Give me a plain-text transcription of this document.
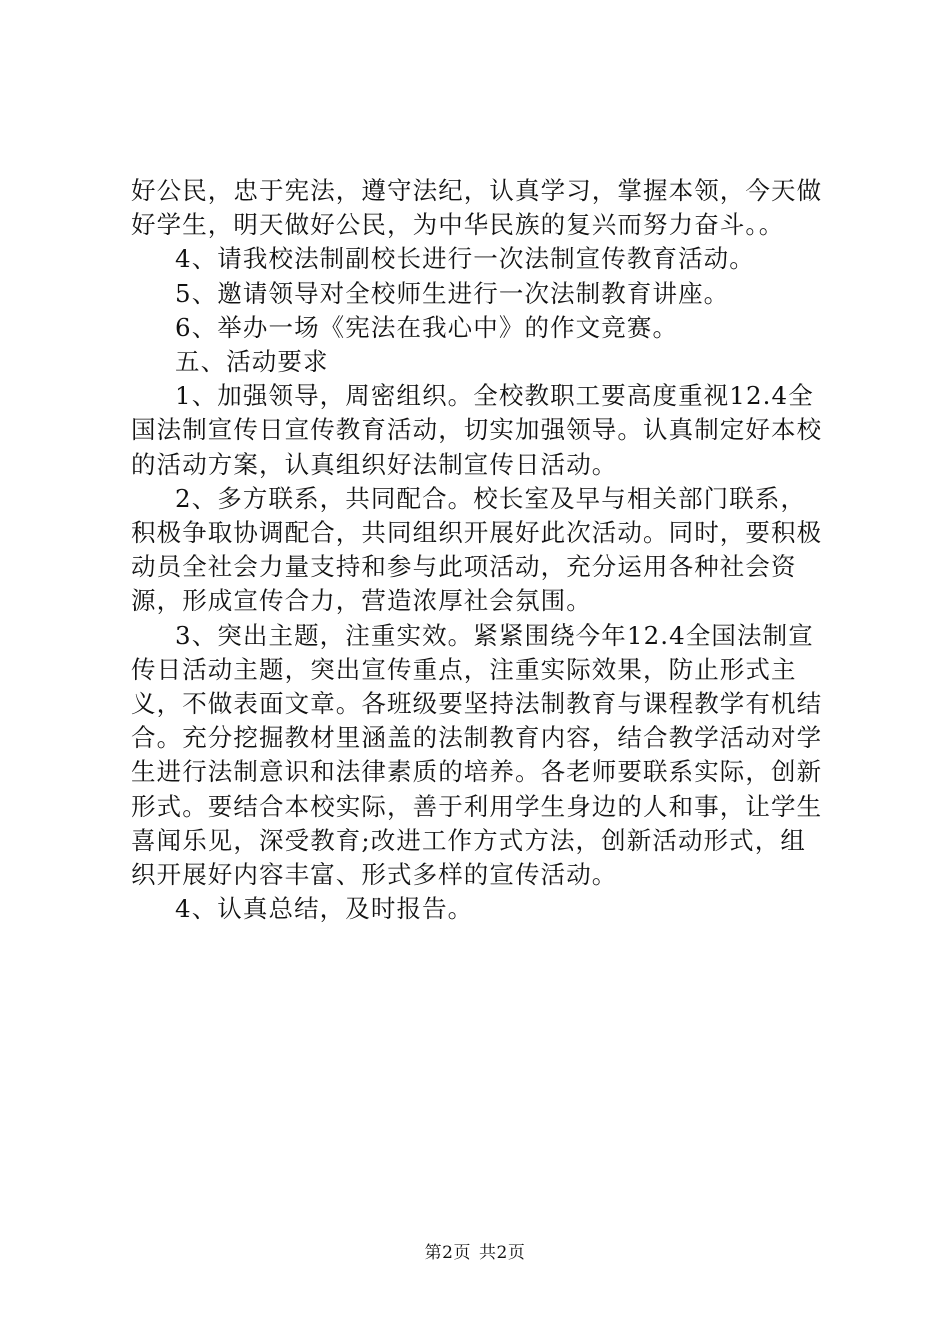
好公民，忠于宪法，遵守法纪，认真学习，掌握本领，今天做好学生，明天做好公民，为中华民族的复兴而努力奋斗。。

4、请我校法制副校长进行一次法制宣传教育活动。

5、邀请领导对全校师生进行一次法制教育讲座。

6、举办一场《宪法在我心中》的作文竞赛。

五、活动要求

1、加强领导，周密组织。全校教职工要高度重视12.4全国法制宣传日宣传教育活动，切实加强领导。认真制定好本校的活动方案，认真组织好法制宣传日活动。

2、多方联系，共同配合。校长室及早与相关部门联系，积极争取协调配合，共同组织开展好此次活动。同时，要积极动员全社会力量支持和参与此项活动，充分运用各种社会资源，形成宣传合力，营造浓厚社会氛围。

3、突出主题，注重实效。紧紧围绕今年12.4全国法制宣传日活动主题，突出宣传重点，注重实际效果，防止形式主义，不做表面文章。各班级要坚持法制教育与课程教学有机结合。充分挖掘教材里涵盖的法制教育内容，结合教学活动对学生进行法制意识和法律素质的培养。各老师要联系实际，创新形式。要结合本校实际，善于利用学生身边的人和事，让学生喜闻乐见，深受教育;改进工作方式方法，创新活动形式，组织开展好内容丰富、形式多样的宣传活动。

4、认真总结，及时报告。

第2页 共2页
